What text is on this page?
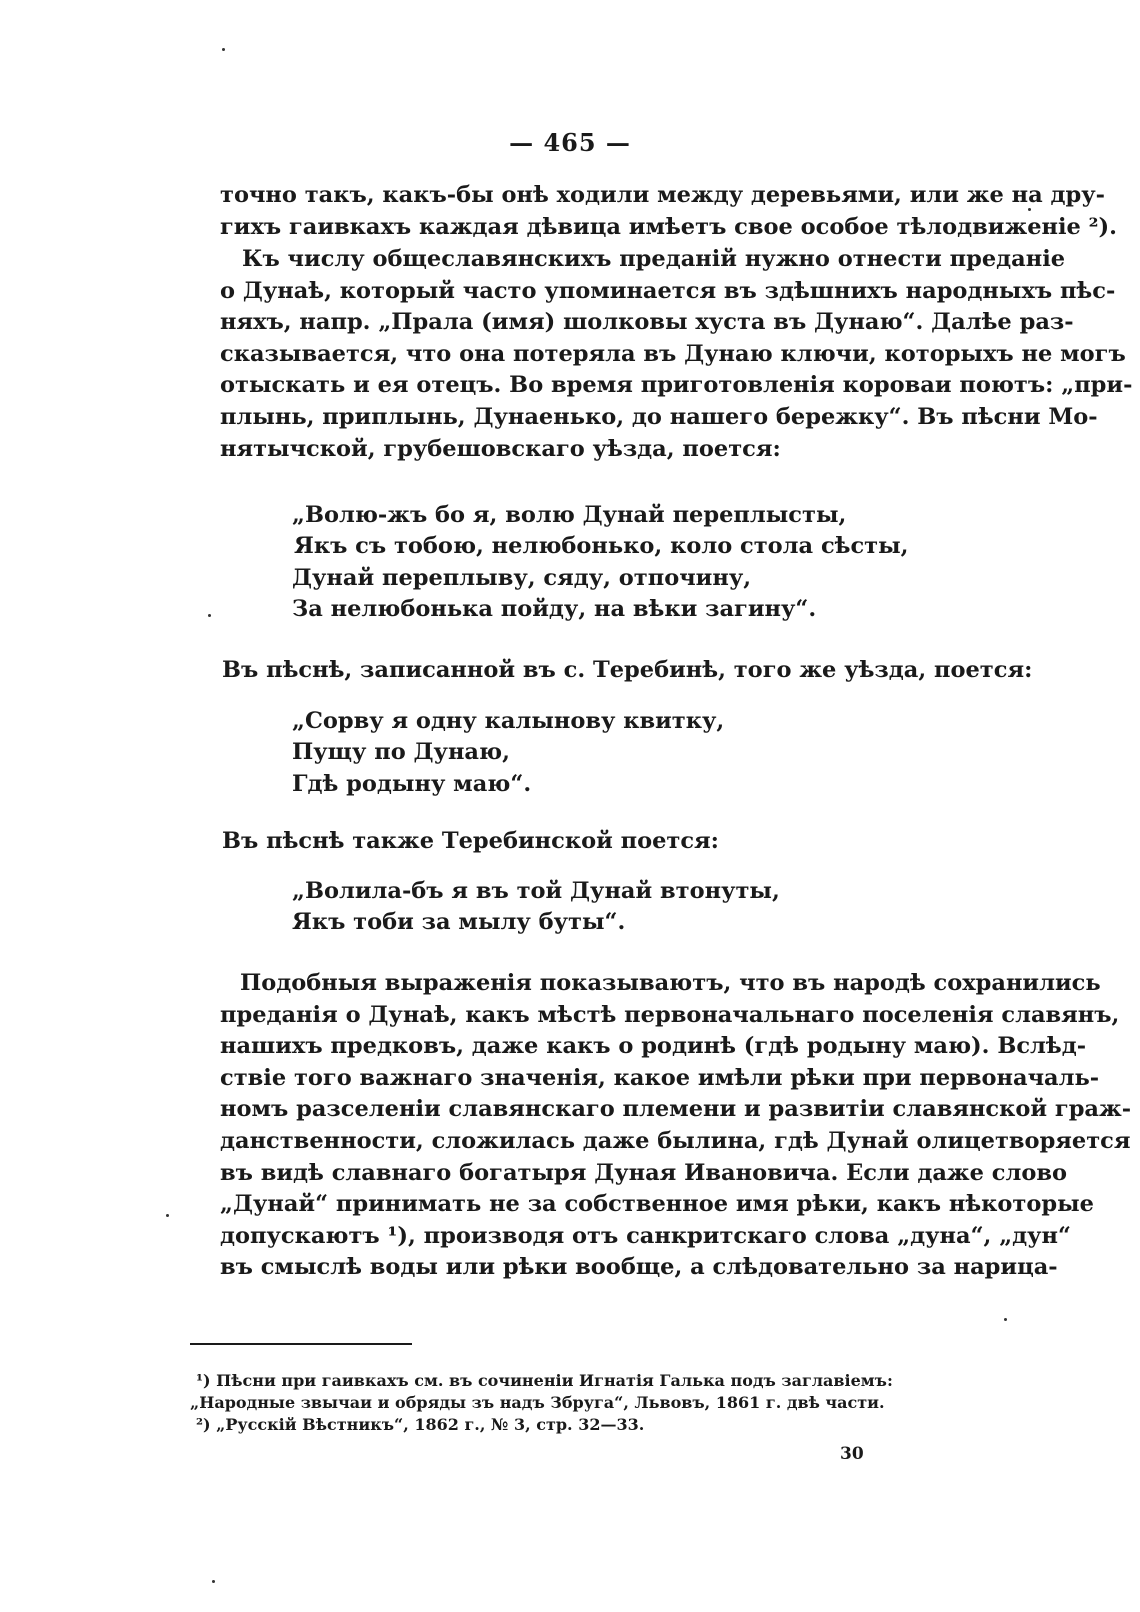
— 465 —
точно такъ, какъ-бы онѣ ходили между деревьями, или же на дру-
гихъ гаивкахъ каждая дѣвица имѣетъ свое особое тѣлодвиженіе ²).
Къ числу общеславянскихъ преданій нужно отнести преданіе
о Дунаѣ, который часто упоминается въ здѣшнихъ народныхъ пѣс-
няхъ, напр. „Прала (имя) шолковы хуста въ Дунаю“. Далѣе раз-
сказывается, что она потеряла въ Дунаю ключи, которыхъ не могъ
отыскать и ея отецъ. Во время приготовленія короваи поютъ: „при-
плынь, приплынь, Дунаенько, до нашего бережку“. Въ пѣсни Мо-
нятычской, грубешовскаго уѣзда, поется:
„Волю-жъ бо я, волю Дунай переплысты,
Якъ съ тобою, нелюбонько, коло стола сѣсты,
Дунай переплыву, сяду, отпочину,
За нелюбонька пойду, на вѣки загину“.
Въ пѣснѣ, записанной въ с. Теребинѣ, того же уѣзда, поется:
„Сорву я одну калынову квитку,
Пущу по Дунаю,
Гдѣ родыну маю“.
Въ пѣснѣ также Теребинской поется:
„Волила-бъ я въ той Дунай втонуты,
Якъ тоби за мылу буты“.
Подобныя выраженія показываютъ, что въ народѣ сохранились
преданія о Дунаѣ, какъ мѣстѣ первоначальнаго поселенія славянъ,
нашихъ предковъ, даже какъ о родинѣ (гдѣ родыну маю). Вслѣд-
ствіе того важнаго значенія, какое имѣли рѣки при первоначаль-
номъ разселеніи славянскаго племени и развитіи славянской граж-
данственности, сложилась даже былина, гдѣ Дунай олицетворяется
въ видѣ славнаго богатыря Дуная Ивановича. Если даже слово
„Дунай“ принимать не за собственное имя рѣки, какъ нѣкоторые
допускаютъ ¹), производя отъ санкритскаго слова „дуна“, „дун“
въ смыслѣ воды или рѣки вообще, а слѣдовательно за нарица-
¹) Пѣсни при гаивкахъ см. въ сочиненіи Игнатія Галька подъ заглавіемъ:
„Народные звычаи и обряды зъ надъ Збруга“, Львовъ, 1861 г. двѣ части.
²) „Русскій Вѣстникъ“, 1862 г., № 3, стр. 32—33.
30
